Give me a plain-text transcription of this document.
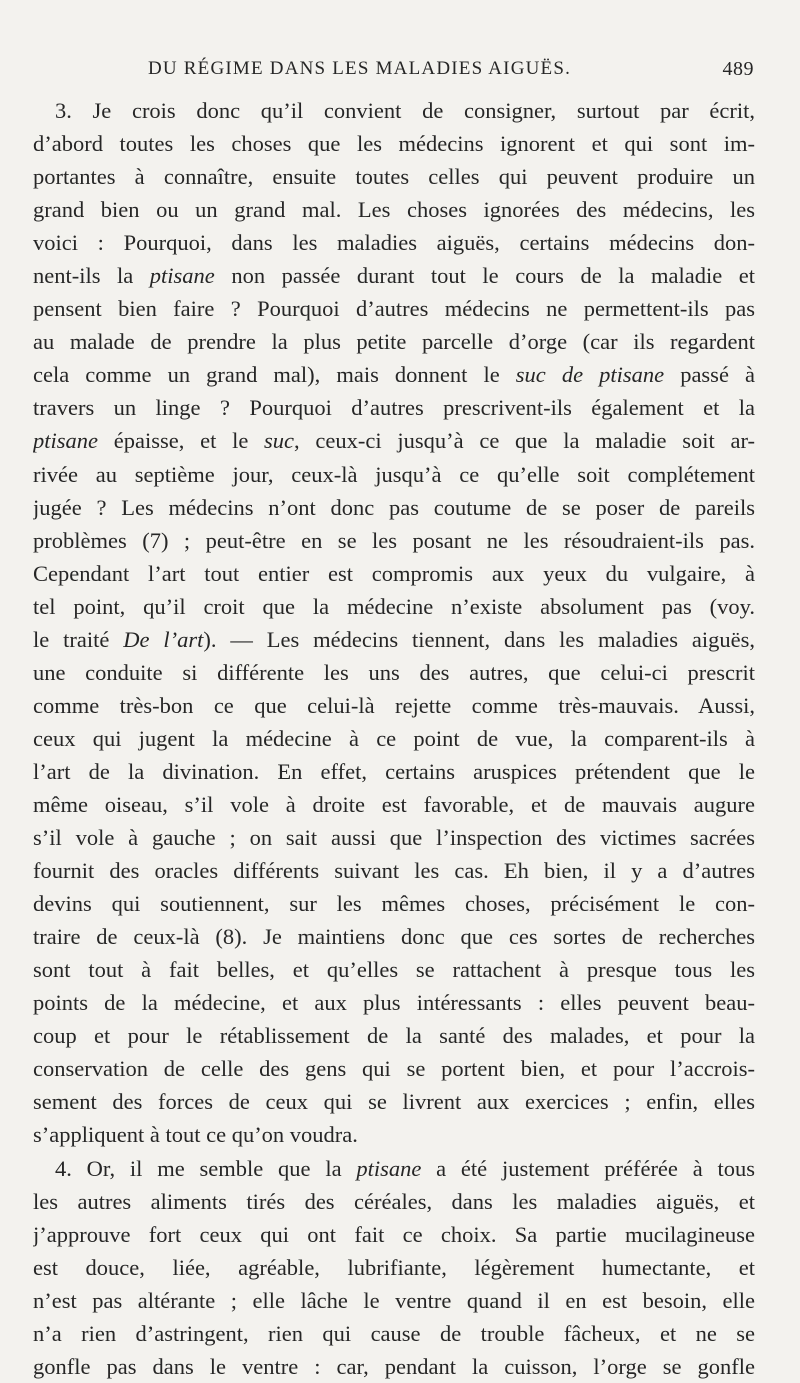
DU RÉGIME DANS LES MALADIES AIGUËS.	489
3. Je crois donc qu’il convient de consigner, surtout par écrit,
d’abord toutes les choses que les médecins ignorent et qui sont im-
portantes à connaître, ensuite toutes celles qui peuvent produire un
grand bien ou un grand mal. Les choses ignorées des médecins, les
voici : Pourquoi, dans les maladies aiguës, certains médecins don-
nent-ils la ptisane non passée durant tout le cours de la maladie et
pensent bien faire ? Pourquoi d’autres médecins ne permettent-ils pas
au malade de prendre la plus petite parcelle d’orge (car ils regardent
cela comme un grand mal), mais donnent le suc de ptisane passé à
travers un linge ? Pourquoi d’autres prescrivent-ils également et la
ptisane épaisse, et le suc, ceux-ci jusqu’à ce que la maladie soit ar-
rivée au septième jour, ceux-là jusqu’à ce qu’elle soit complétement
jugée ? Les médecins n’ont donc pas coutume de se poser de pareils
problèmes (7) ; peut-être en se les posant ne les résoudraient-ils pas.
Cependant l’art tout entier est compromis aux yeux du vulgaire, à
tel point, qu’il croit que la médecine n’existe absolument pas (voy.
le traité De l’art). — Les médecins tiennent, dans les maladies aiguës,
une conduite si différente les uns des autres, que celui-ci prescrit
comme très-bon ce que celui-là rejette comme très-mauvais. Aussi,
ceux qui jugent la médecine à ce point de vue, la comparent-ils à
l’art de la divination. En effet, certains aruspices prétendent que le
même oiseau, s’il vole à droite est favorable, et de mauvais augure
s’il vole à gauche ; on sait aussi que l’inspection des victimes sacrées
fournit des oracles différents suivant les cas. Eh bien, il y a d’autres
devins qui soutiennent, sur les mêmes choses, précisément le con-
traire de ceux-là (8). Je maintiens donc que ces sortes de recherches
sont tout à fait belles, et qu’elles se rattachent à presque tous les
points de la médecine, et aux plus intéressants : elles peuvent beau-
coup et pour le rétablissement de la santé des malades, et pour la
conservation de celle des gens qui se portent bien, et pour l’accrois-
sement des forces de ceux qui se livrent aux exercices ; enfin, elles
s’appliquent à tout ce qu’on voudra.
4. Or, il me semble que la ptisane a été justement préférée à tous
les autres aliments tirés des céréales, dans les maladies aiguës, et
j’approuve fort ceux qui ont fait ce choix. Sa partie mucilagineuse
est douce, liée, agréable, lubrifiante, légèrement humectante, et
n’est pas altérante ; elle lâche le ventre quand il en est besoin, elle
n’a rien d’astringent, rien qui cause de trouble fâcheux, et ne se
gonfle pas dans le ventre : car, pendant la cuisson, l’orge se gonfle
